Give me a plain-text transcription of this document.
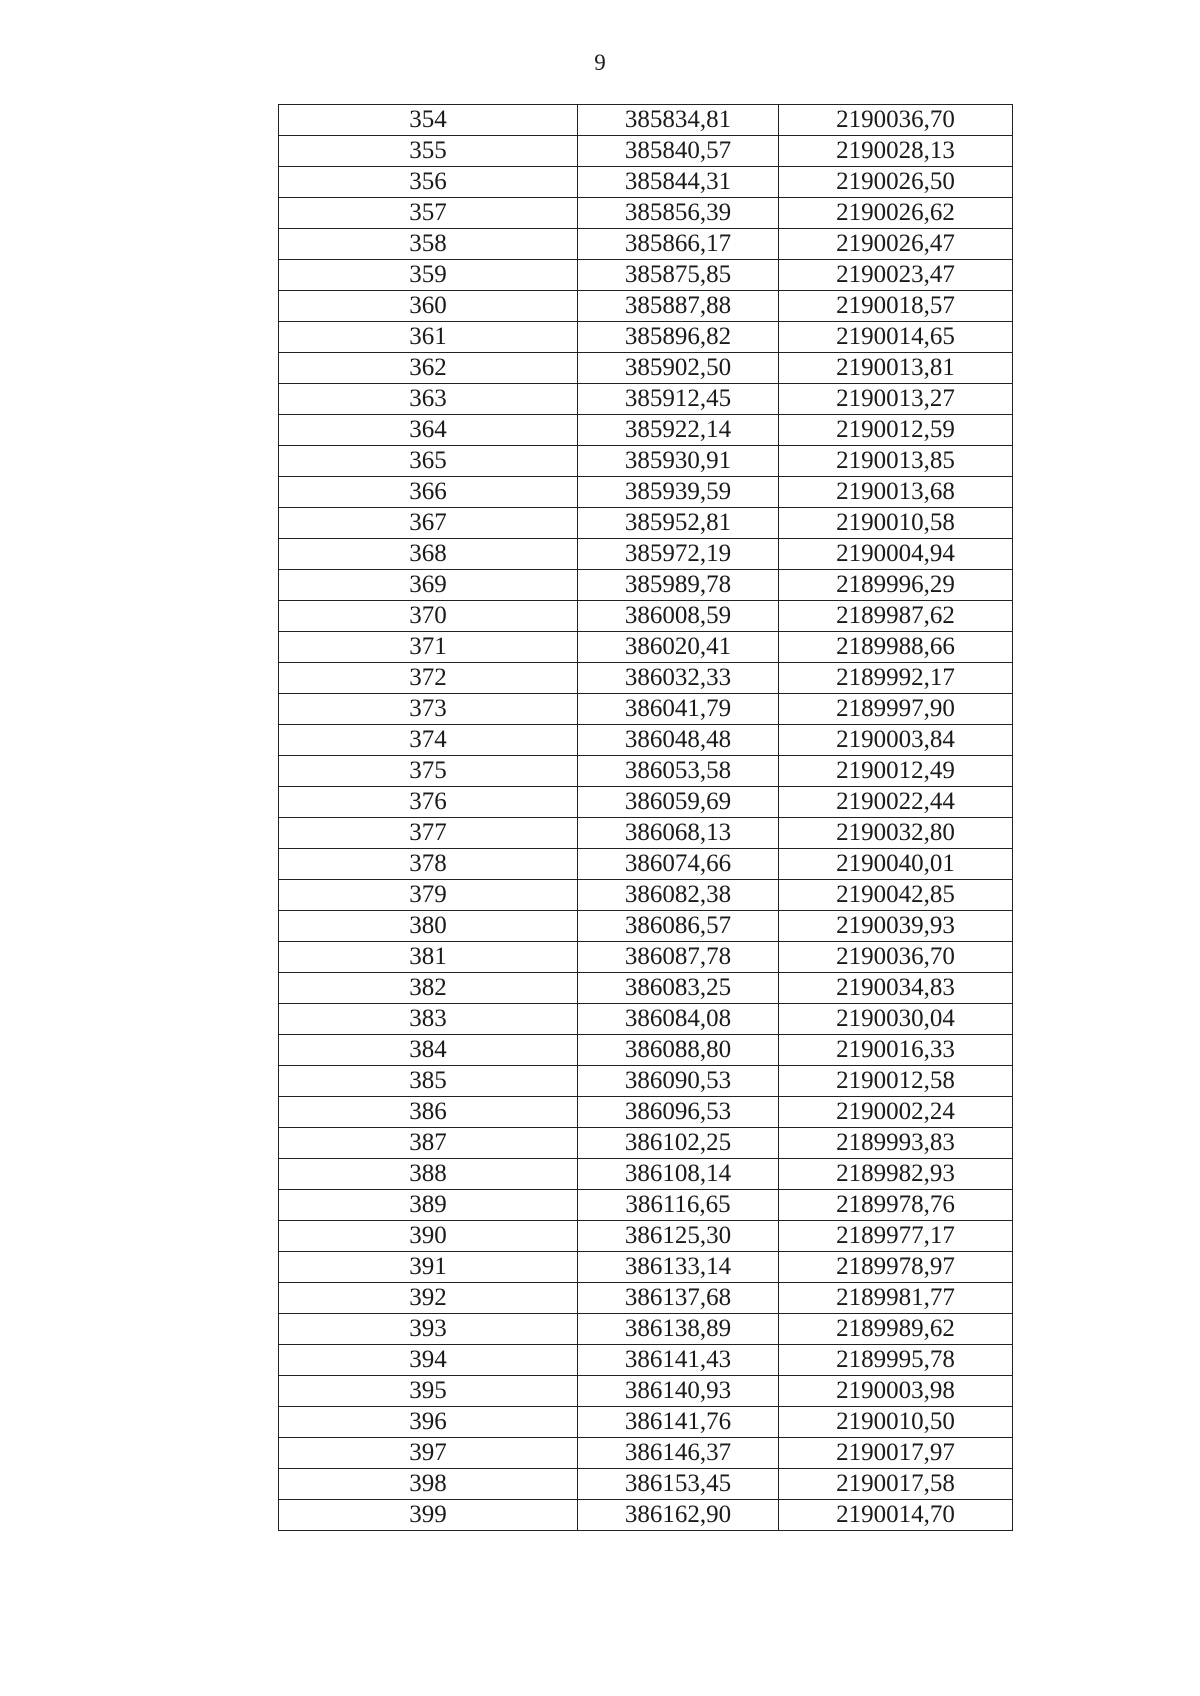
9
354	385834,81	2190036,70
355	385840,57	2190028,13
356	385844,31	2190026,50
357	385856,39	2190026,62
358	385866,17	2190026,47
359	385875,85	2190023,47
360	385887,88	2190018,57
361	385896,82	2190014,65
362	385902,50	2190013,81
363	385912,45	2190013,27
364	385922,14	2190012,59
365	385930,91	2190013,85
366	385939,59	2190013,68
367	385952,81	2190010,58
368	385972,19	2190004,94
369	385989,78	2189996,29
370	386008,59	2189987,62
371	386020,41	2189988,66
372	386032,33	2189992,17
373	386041,79	2189997,90
374	386048,48	2190003,84
375	386053,58	2190012,49
376	386059,69	2190022,44
377	386068,13	2190032,80
378	386074,66	2190040,01
379	386082,38	2190042,85
380	386086,57	2190039,93
381	386087,78	2190036,70
382	386083,25	2190034,83
383	386084,08	2190030,04
384	386088,80	2190016,33
385	386090,53	2190012,58
386	386096,53	2190002,24
387	386102,25	2189993,83
388	386108,14	2189982,93
389	386116,65	2189978,76
390	386125,30	2189977,17
391	386133,14	2189978,97
392	386137,68	2189981,77
393	386138,89	2189989,62
394	386141,43	2189995,78
395	386140,93	2190003,98
396	386141,76	2190010,50
397	386146,37	2190017,97
398	386153,45	2190017,58
399	386162,90	2190014,70
